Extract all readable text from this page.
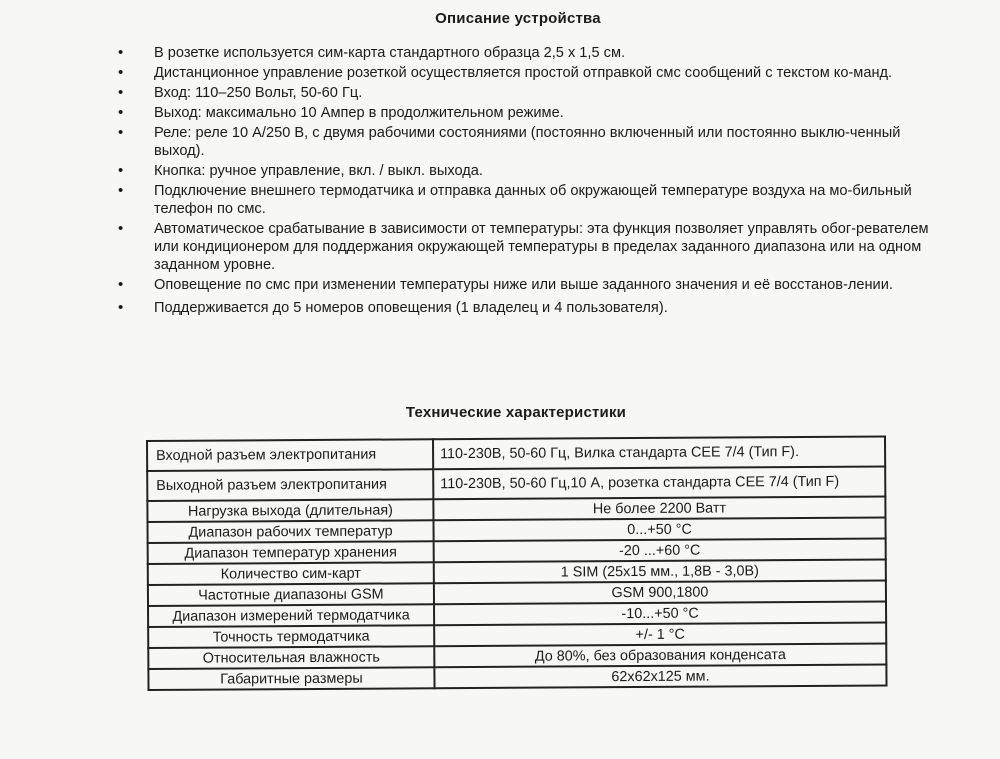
Описание устройства
• В розетке используется сим-карта стандартного образца 2,5 х 1,5 см.
• Дистанционное управление розеткой осуществляется простой отправкой смс сообщений с текстом ко-манд.
• Вход: 110–250 Вольт, 50-60 Гц.
• Выход: максимально 10 Ампер в продолжительном режиме.
• Реле: реле 10 А/250 В, с двумя рабочими состояниями (постоянно включенный или постоянно выклю-ченный выход).
• Кнопка: ручное управление, вкл. / выкл. выхода.
• Подключение внешнего термодатчика и отправка данных об окружающей температуре воздуха на мо-бильный телефон по смс.
• Автоматическое срабатывание в зависимости от температуры: эта функция позволяет управлять обог-ревателем или кондиционером для поддержания окружающей температуры в пределах заданного диапазона или на одном заданном уровне.
• Оповещение по смс при изменении температуры ниже или выше заданного значения и её восстанов-лении.
• Поддерживается до 5 номеров оповещения (1 владелец и 4 пользователя).
Технические характеристики
Входной разъем электропитания	110-230В, 50-60 Гц, Вилка стандарта CEE 7/4 (Тип F).
Выходной разъем электропитания	110-230В, 50-60 Гц,10 А, розетка стандарта CEE 7/4 (Тип F)
Нагрузка выхода (длительная)	Не более 2200 Ватт
Диапазон рабочих температур	0...+50 °С
Диапазон температур хранения	-20 ...+60 °С
Количество сим-карт	1 SIM (25x15 мм., 1,8В - 3,0В)
Частотные диапазоны GSM	GSM 900,1800
Диапазон измерений термодатчика	-10...+50 °С
Точность термодатчика	+/- 1 °С
Относительная влажность	До 80%, без образования конденсата
Габаритные размеры	62х62х125 мм.
